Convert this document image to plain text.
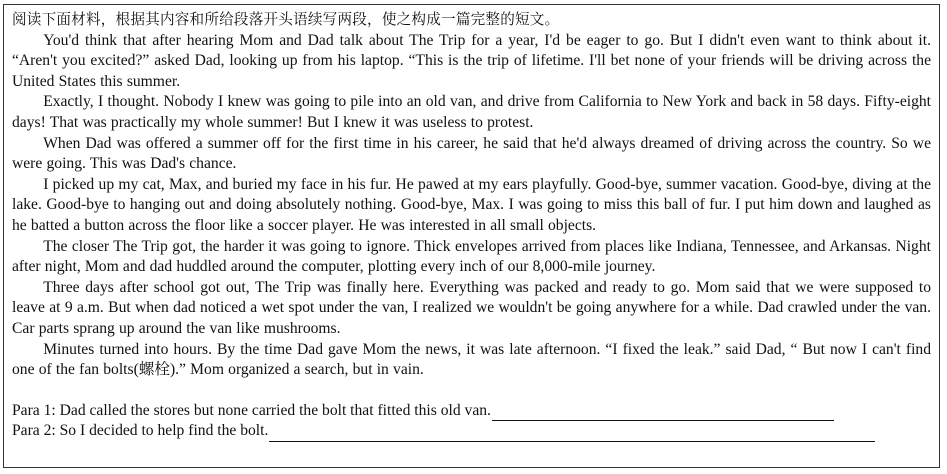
阅读下面材料，根据其内容和所给段落开头语续写两段，使之构成一篇完整的短文。

You'd think that after hearing Mom and Dad talk about The Trip for a year, I'd be eager to go. But I didn't even want to think about it. “Aren't you excited?” asked Dad, looking up from his laptop. “This is the trip of lifetime. I'll bet none of your friends will be driving across the United States this summer.

Exactly, I thought. Nobody I knew was going to pile into an old van, and drive from California to New York and back in 58 days. Fifty-eight days! That was practically my whole summer! But I knew it was useless to protest.

When Dad was offered a summer off for the first time in his career, he said that he'd always dreamed of driving across the country. So we were going. This was Dad's chance.

I picked up my cat, Max, and buried my face in his fur. He pawed at my ears playfully. Good-bye, summer vacation. Good-bye, diving at the lake. Good-bye to hanging out and doing absolutely nothing. Good-bye, Max. I was going to miss this ball of fur. I put him down and laughed as he batted a button across the floor like a soccer player. He was interested in all small objects.

The closer The Trip got, the harder it was going to ignore. Thick envelopes arrived from places like Indiana, Tennessee, and Arkansas. Night after night, Mom and dad huddled around the computer, plotting every inch of our 8,000-mile journey.

Three days after school got out, The Trip was finally here. Everything was packed and ready to go. Mom said that we were supposed to leave at 9 a.m. But when dad noticed a wet spot under the van, I realized we wouldn't be going anywhere for a while. Dad crawled under the van. Car parts sprang up around the van like mushrooms.

Minutes turned into hours. By the time Dad gave Mom the news, it was late afternoon. “I fixed the leak.” said Dad, “ But now I can't find one of the fan bolts(螺栓).” Mom organized a search, but in vain.

Para 1: Dad called the stores but none carried the bolt that fitted this old van.
Para 2: So I decided to help find the bolt.
